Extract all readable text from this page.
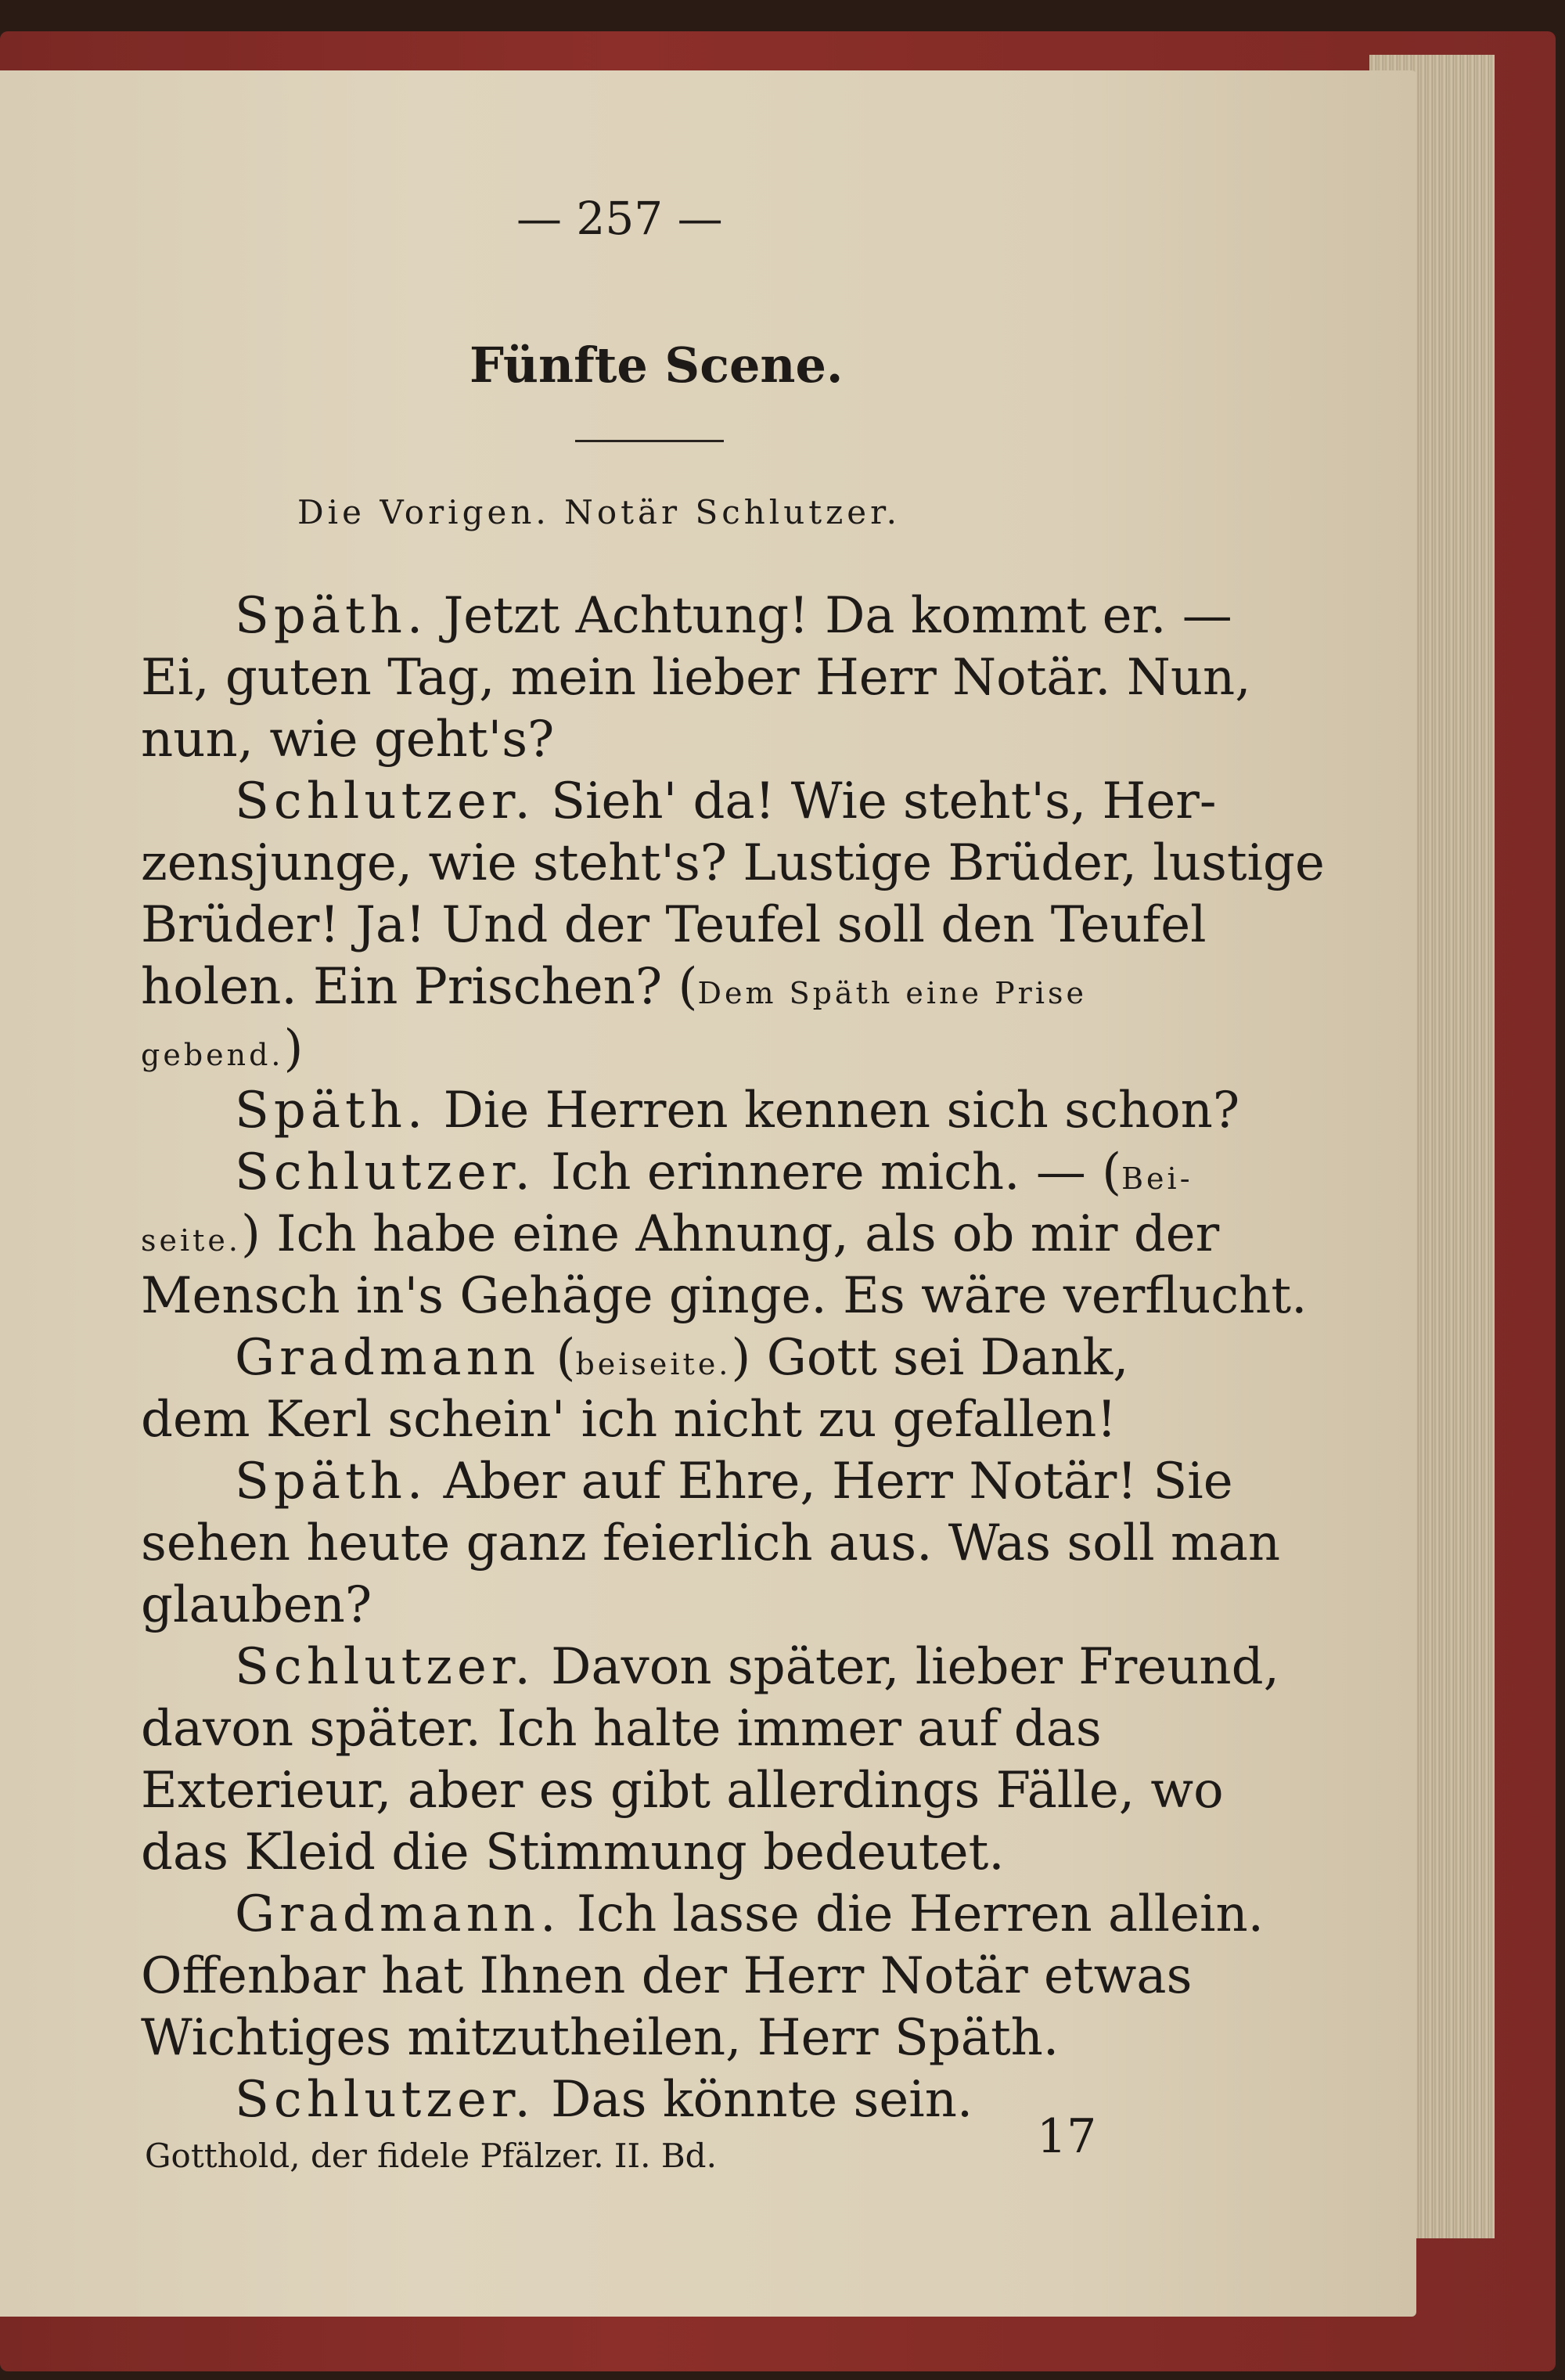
— 257 —
Fünfte Scene.
Die Vorigen. Notär Schlutzer.
Späth. Jetzt Achtung! Da kommt er. —
Ei, guten Tag, mein lieber Herr Notär. Nun,
nun, wie geht's?
Schlutzer. Sieh' da! Wie steht's, Her-
zensjunge, wie steht's? Lustige Brüder, lustige
Brüder! Ja! Und der Teufel soll den Teufel
holen. Ein Prischen? (Dem Späth eine Prise
gebend.)
Späth. Die Herren kennen sich schon?
Schlutzer. Ich erinnere mich. — (Bei-
seite.) Ich habe eine Ahnung, als ob mir der
Mensch in's Gehäge ginge. Es wäre verflucht.
Gradmann (beiseite.) Gott sei Dank,
dem Kerl schein' ich nicht zu gefallen!
Späth. Aber auf Ehre, Herr Notär! Sie
sehen heute ganz feierlich aus. Was soll man
glauben?
Schlutzer. Davon später, lieber Freund,
davon später. Ich halte immer auf das
Exterieur, aber es gibt allerdings Fälle, wo
das Kleid die Stimmung bedeutet.
Gradmann. Ich lasse die Herren allein.
Offenbar hat Ihnen der Herr Notär etwas
Wichtiges mitzutheilen, Herr Späth.
Schlutzer. Das könnte sein.
Gotthold, der fidele Pfälzer. II. Bd.	17
